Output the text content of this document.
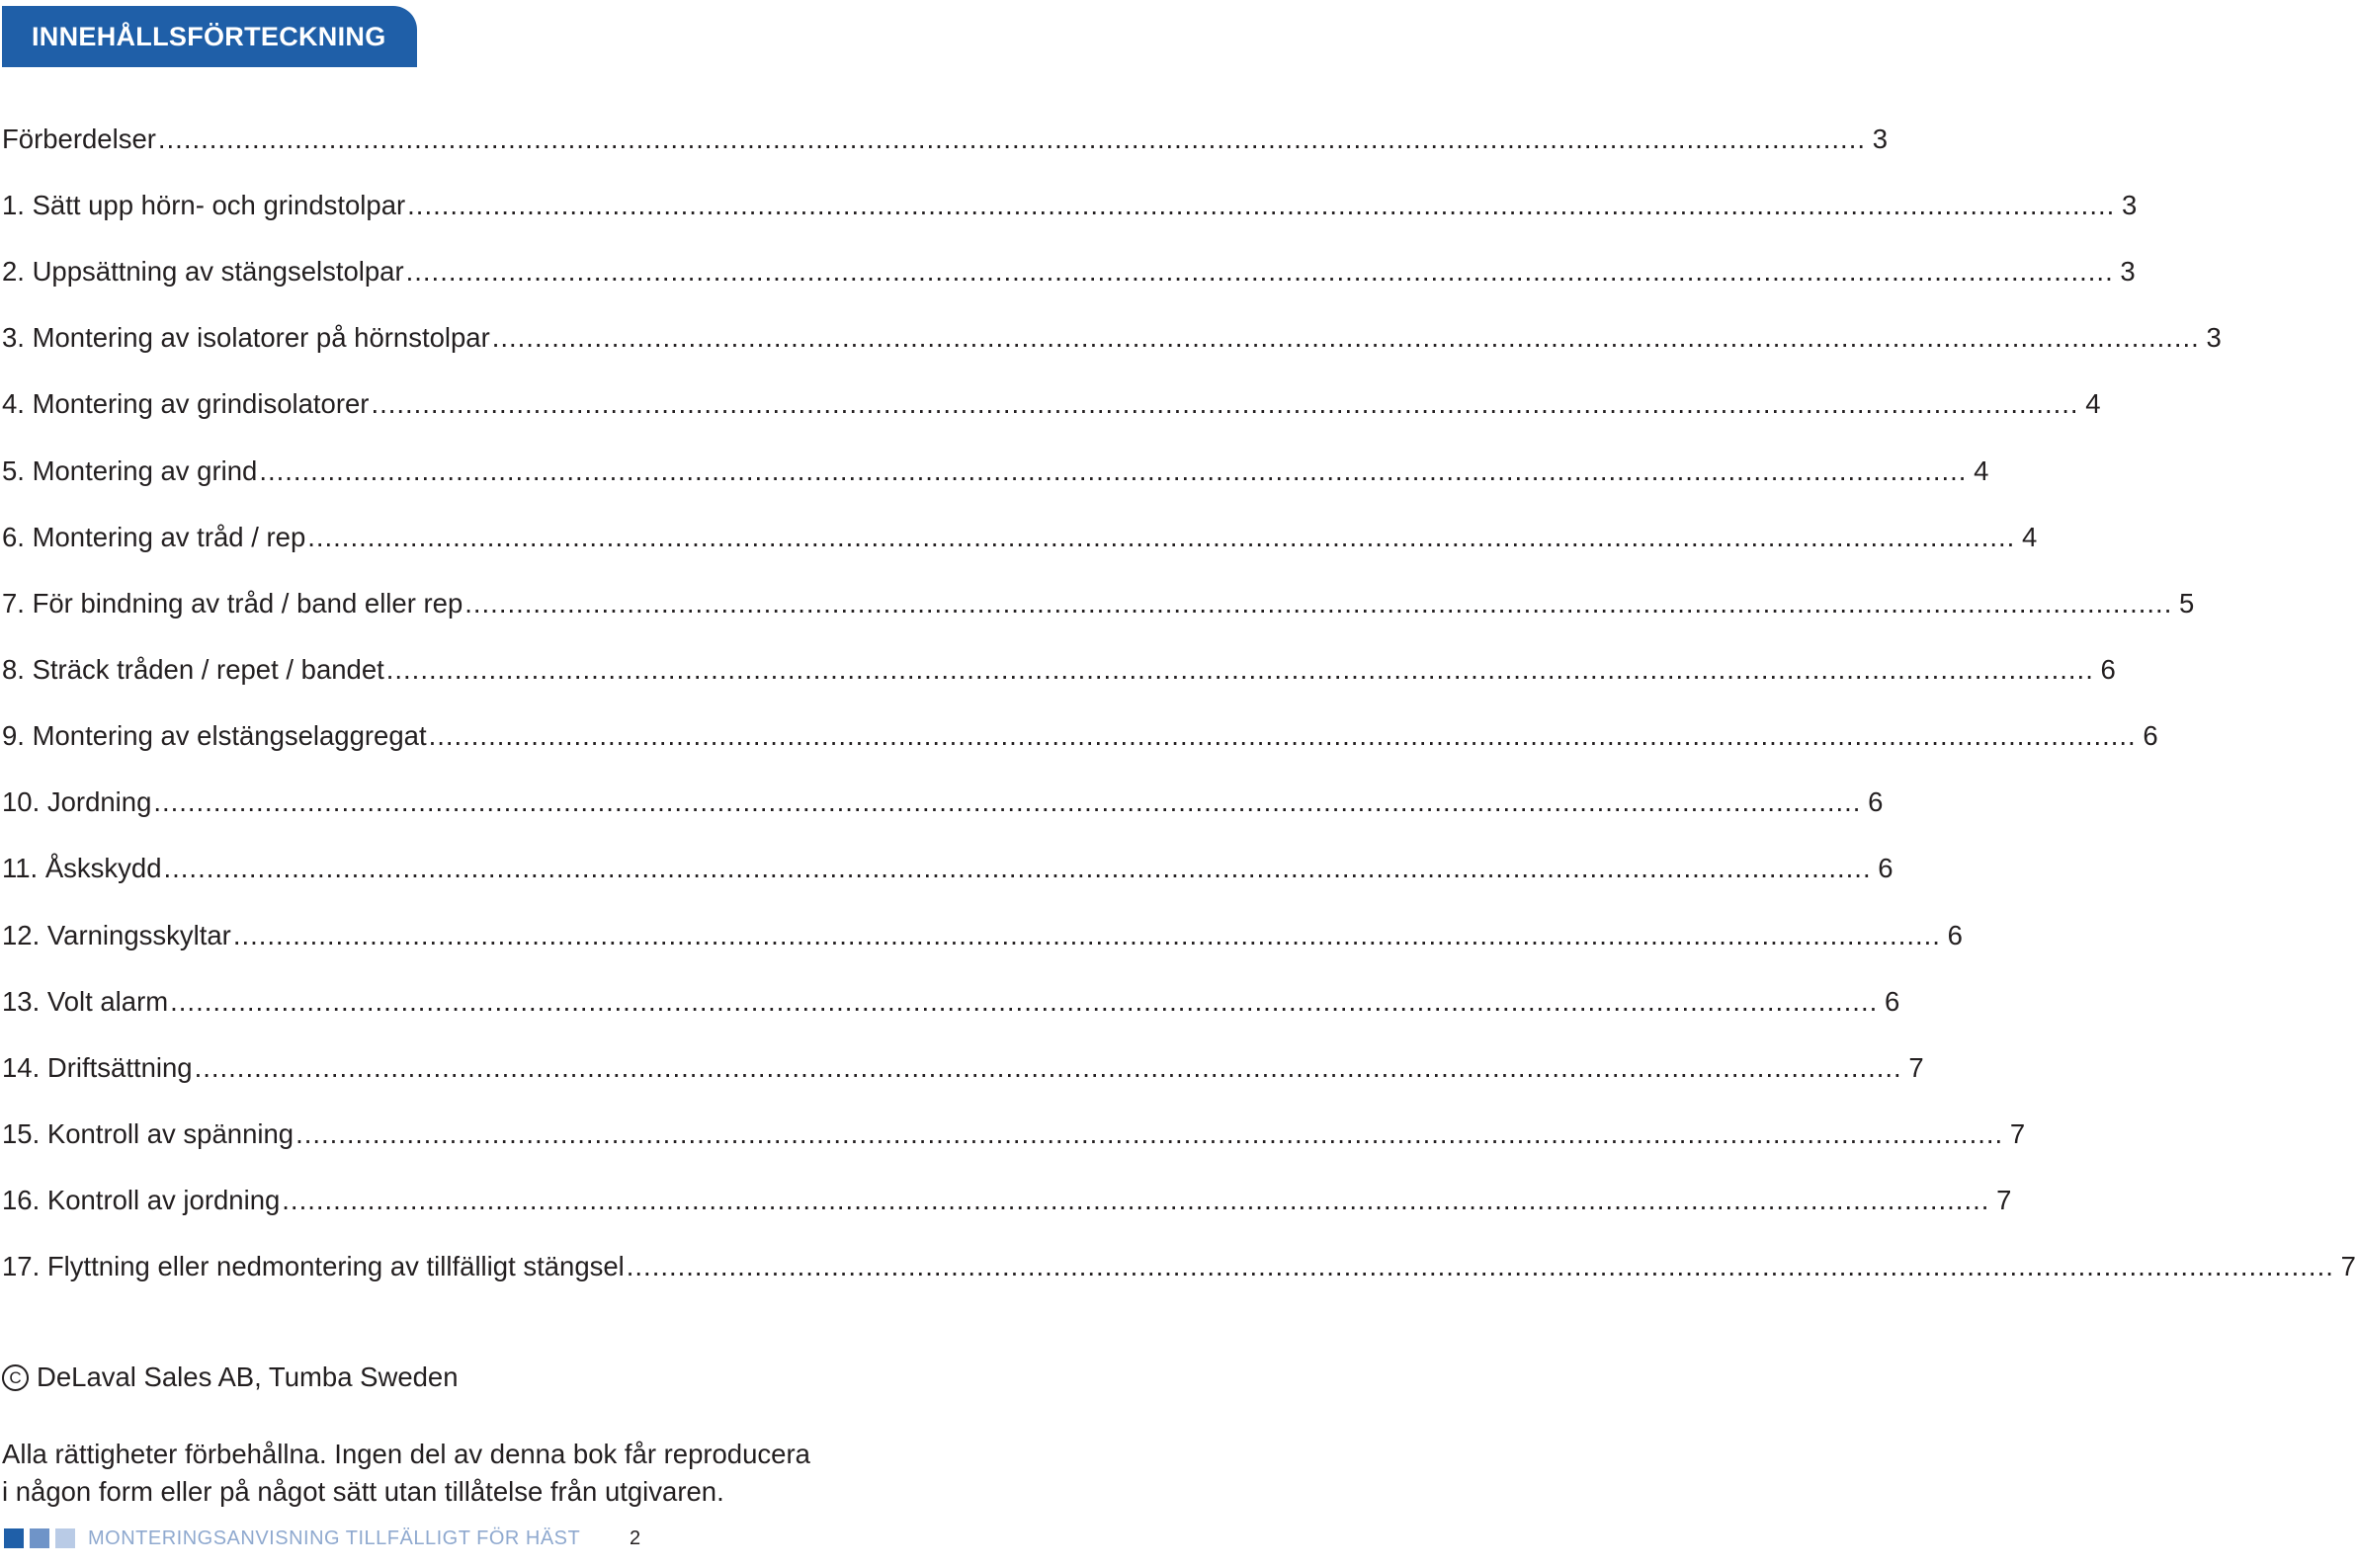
INNEHÅLLSFÖRTECKNING
Förberdelser ........................................................................................................................................................................................................ 3
1. Sätt upp hörn- och grindstolpar ........................................................................................................................................................................................................ 3
2. Uppsättning av stängselstolpar ........................................................................................................................................................................................................ 3
3. Montering av isolatorer på hörnstolpar ........................................................................................................................................................................................................ 3
4. Montering av grindisolatorer ........................................................................................................................................................................................................ 4
5. Montering av grind ........................................................................................................................................................................................................ 4
6. Montering av tråd / rep ........................................................................................................................................................................................................ 4
7. För bindning av tråd / band eller rep ........................................................................................................................................................................................................ 5
8. Sträck tråden / repet / bandet ........................................................................................................................................................................................................ 6
9. Montering av elstängselaggregat ........................................................................................................................................................................................................ 6
10. Jordning ........................................................................................................................................................................................................ 6
11. Åskskydd ........................................................................................................................................................................................................ 6
12. Varningsskyltar ........................................................................................................................................................................................................ 6
13. Volt alarm ........................................................................................................................................................................................................ 6
14. Driftsättning ........................................................................................................................................................................................................ 7
15. Kontroll av spänning ........................................................................................................................................................................................................ 7
16. Kontroll av jordning ........................................................................................................................................................................................................ 7
17. Flyttning eller nedmontering av tillfälligt stängsel ........................................................................................................................................................................................................ 7
C DeLaval Sales AB, Tumba Sweden
Alla rättigheter förbehållna. Ingen del av denna bok får reproducera
i någon form eller på något sätt utan tillåtelse från utgivaren.
MONTERINGSANVISNING TILLFÄLLIGT FÖR HÄST 2
